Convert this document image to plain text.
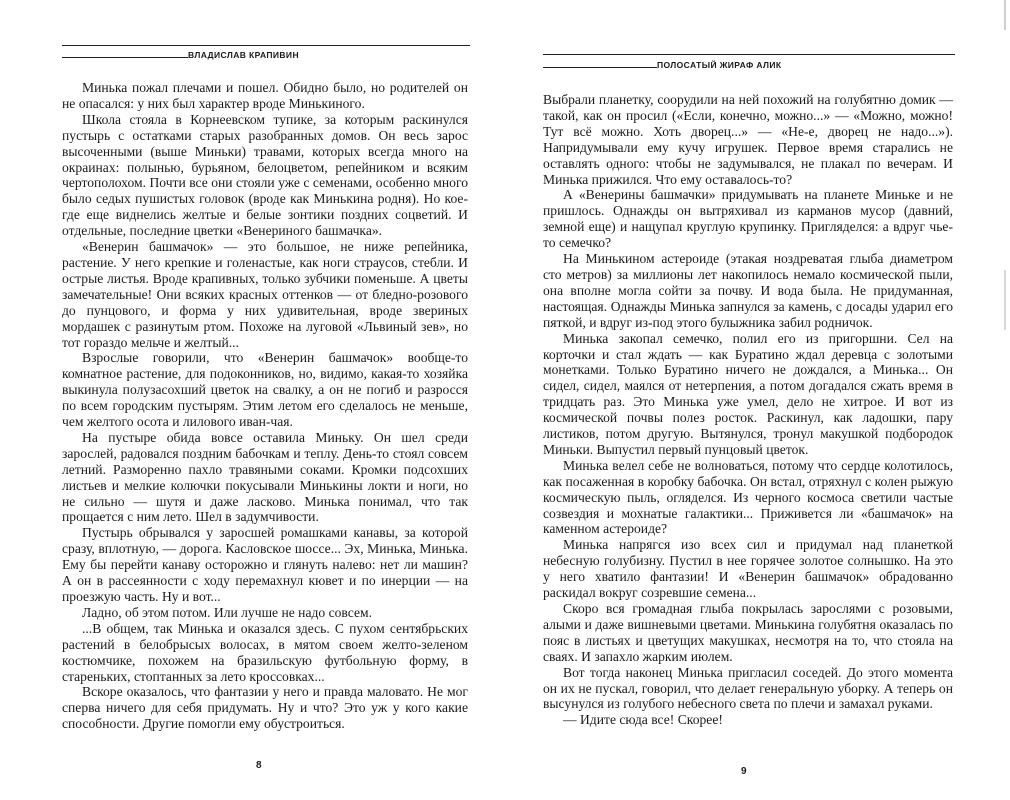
ВЛАДИСЛАВ КРАПИВИН

Минька пожал плечами и пошел. Обидно было, но родителей он не опасался: у них был характер вроде Минькиного.

Школа стояла в Корнеевском тупике, за которым раскинулся пустырь с остатками старых разобранных домов. Он весь зарос высоченными (выше Миньки) травами, которых всегда много на окраинах: полынью, бурьяном, белоцветом, репейником и всяким чертополохом. Почти все они стояли уже с семенами, особенно много было седых пушистых головок (вроде как Минькина родня). Но кое-где еще виднелись желтые и белые зонтики поздних соцветий. И отдельные, последние цветки «Венериного башмачка».

«Венерин башмачок» — это большое, не ниже репейника, растение. У него крепкие и голенастые, как ноги страусов, стебли. И острые листья. Вроде крапивных, только зубчики поменьше. А цветы замечательные! Они всяких красных оттенков — от бледно-розового до пунцового, и форма у них удивительная, вроде звериных мордашек с разинутым ртом. Похоже на луговой «Львиный зев», но тот гораздо мельче и желтый...

Взрослые говорили, что «Венерин башмачок» вообще-то комнатное растение, для подоконников, но, видимо, какая-то хозяйка выкинула полузасохший цветок на свалку, а он не погиб и разросся по всем городским пустырям. Этим летом его сделалось не меньше, чем желтого осота и лилового иван-чая.

На пустыре обида вовсе оставила Миньку. Он шел среди зарослей, радовался поздним бабочкам и теплу. День-то стоял совсем летний. Разморенно пахло травяными соками. Кромки подсохших листьев и мелкие колючки покусывали Минькины локти и ноги, но не сильно — шутя и даже ласково. Минька понимал, что так прощается с ним лето. Шел в задумчивости.

Пустырь обрывался у заросшей ромашками канавы, за которой сразу, вплотную, — дорога. Касловское шоссе... Эх, Минька, Минька. Ему бы перейти канаву осторожно и глянуть налево: нет ли машин? А он в рассеянности с ходу перемахнул кювет и по инерции — на проезжую часть. Ну и вот...

Ладно, об этом потом. Или лучше не надо совсем.

...В общем, так Минька и оказался здесь. С пухом сентябрьских растений в белобрысых волосах, в мятом своем желто-зеленом костюмчике, похожем на бразильскую футбольную форму, в стареньких, стоптанных за лето кроссовках...

Вскоре оказалось, что фантазии у него и правда маловато. Не мог сперва ничего для себя придумать. Ну и что? Это уж у кого какие способности. Другие помогли ему обустроиться.

8
ПОЛОСАТЫЙ ЖИРАФ АЛИК

Выбрали планетку, соорудили на ней похожий на голубятню домик — такой, как он просил («Если, конечно, можно...» — «Можно, можно! Тут всё можно. Хоть дворец...» — «Не-е, дворец не надо...»). Напридумывали ему кучу игрушек. Первое время старались не оставлять одного: чтобы не задумывался, не плакал по вечерам. И Минька прижился. Что ему оставалось-то?

А «Венерины башмачки» придумывать на планете Миньке и не пришлось. Однажды он вытряхивал из карманов мусор (давний, земной еще) и нащупал круглую крупинку. Пригляделся: а вдруг чье-то семечко?

На Минькином астероиде (этакая ноздреватая глыба диаметром сто метров) за миллионы лет накопилось немало космической пыли, она вполне могла сойти за почву. И вода была. Не придуманная, настоящая. Однажды Минька запнулся за камень, с досады ударил его пяткой, и вдруг из-под этого булыжника забил родничок.

Минька закопал семечко, полил его из пригоршни. Сел на корточки и стал ждать — как Буратино ждал деревца с золотыми монетками. Только Буратино ничего не дождался, а Минька... Он сидел, сидел, маялся от нетерпения, а потом догадался сжать время в тридцать раз. Это Минька уже умел, дело не хитрое. И вот из космической почвы полез росток. Раскинул, как ладошки, пару листиков, потом другую. Вытянулся, тронул макушкой подбородок Миньки. Выпустил первый пунцовый цветок.

Минька велел себе не волноваться, потому что сердце колотилось, как посаженная в коробку бабочка. Он встал, отряхнул с колен рыжую космическую пыль, огляделся. Из черного космоса светили частые созвездия и мохнатые галактики... Приживется ли «башмачок» на каменном астероиде?

Минька напрягся изо всех сил и придумал над планеткой небесную голубизну. Пустил в нее горячее золотое солнышко. На это у него хватило фантазии! И «Венерин башмачок» обрадованно раскидал вокруг созревшие семена...

Скоро вся громадная глыба покрылась зарослями с розовыми, алыми и даже вишневыми цветами. Минькина голубятня оказалась по пояс в листьях и цветущих макушках, несмотря на то, что стояла на сваях. И запахло жарким июлем.

Вот тогда наконец Минька пригласил соседей. До этого момента он их не пускал, говорил, что делает генеральную уборку. А теперь он высунулся из голубого небесного света по плечи и замахал руками.

— Идите сюда все! Скорее!

9
